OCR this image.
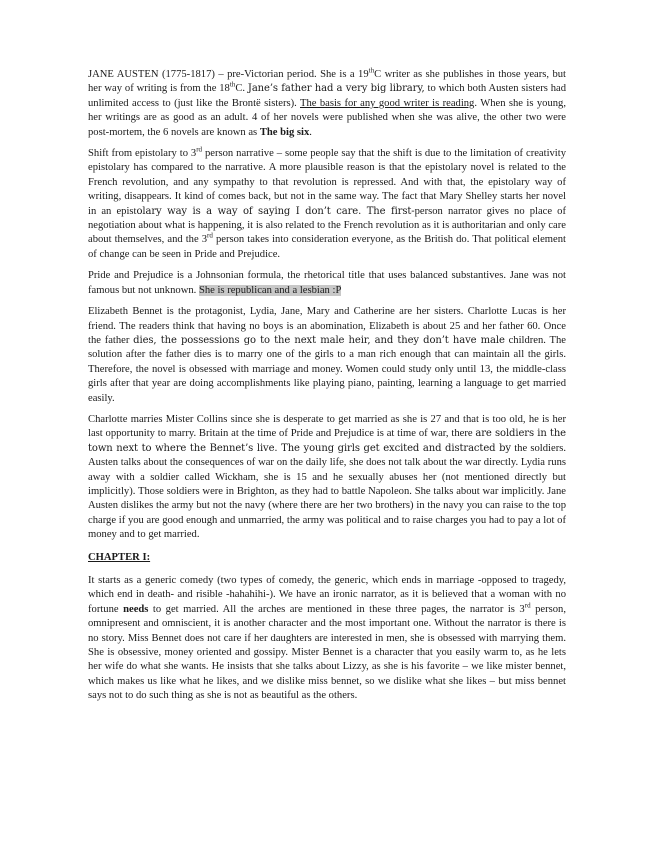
JANE AUSTEN (1775-1817) – pre-Victorian period. She is a 19thC writer as she publishes in those years, but her way of writing is from the 18thC. Jane’s father had a very big library, to which both Austen sisters had unlimited access to (just like the Brontë sisters). The basis for any good writer is reading. When she is young, her writings are as good as an adult. 4 of her novels were published when she was alive, the other two were post-mortem, the 6 novels are known as The big six.

Shift from epistolary to 3rd person narrative – some people say that the shift is due to the limitation of creativity epistolary has compared to the narrative. A more plausible reason is that the epistolary novel is related to the French revolution, and any sympathy to that revolution is repressed. And with that, the epistolary way of writing, disappears. It kind of comes back, but not in the same way. The fact that Mary Shelley starts her novel in an epistolary way is a way of saying I don’t care. The first-person narrator gives no place of negotiation about what is happening, it is also related to the French revolution as it is authoritarian and only care about themselves, and the 3rd person takes into consideration everyone, as the British do. That political element of change can be seen in Pride and Prejudice.

Pride and Prejudice is a Johnsonian formula, the rhetorical title that uses balanced substantives. Jane was not famous but not unknown. She is republican and a lesbian :P

Elizabeth Bennet is the protagonist, Lydia, Jane, Mary and Catherine are her sisters. Charlotte Lucas is her friend. The readers think that having no boys is an abomination, Elizabeth is about 25 and her father 60. Once the father dies, the possessions go to the next male heir, and they don’t have male children. The solution after the father dies is to marry one of the girls to a man rich enough that can maintain all the girls. Therefore, the novel is obsessed with marriage and money. Women could study only until 13, the middle-class girls after that year are doing accomplishments like playing piano, painting, learning a language to get married easily.

Charlotte marries Mister Collins since she is desperate to get married as she is 27 and that is too old, he is her last opportunity to marry. Britain at the time of Pride and Prejudice is at time of war, there are soldiers in the town next to where the Bennet’s live. The young girls get excited and distracted by the soldiers. Austen talks about the consequences of war on the daily life, she does not talk about the war directly. Lydia runs away with a soldier called Wickham, she is 15 and he sexually abuses her (not mentioned directly but implicitly). Those soldiers were in Brighton, as they had to battle Napoleon. She talks about war implicitly. Jane Austen dislikes the army but not the navy (where there are her two brothers) in the navy you can raise to the top charge if you are good enough and unmarried, the army was political and to raise charges you had to pay a lot of money and to get married.

CHAPTER I:

It starts as a generic comedy (two types of comedy, the generic, which ends in marriage -opposed to tragedy, which end in death- and risible -hahahihi-). We have an ironic narrator, as it is believed that a woman with no fortune needs to get married. All the arches are mentioned in these three pages, the narrator is 3rd person, omnipresent and omniscient, it is another character and the most important one. Without the narrator is there is no story. Miss Bennet does not care if her daughters are interested in men, she is obsessed with marrying them. She is obsessive, money oriented and gossipy. Mister Bennet is a character that you easily warm to, as he lets her wife do what she wants. He insists that she talks about Lizzy, as she is his favorite – we like mister bennet, which makes us like what he likes, and we dislike miss bennet, so we dislike what she likes – but miss bennet says not to do such thing as she is not as beautiful as the others.
